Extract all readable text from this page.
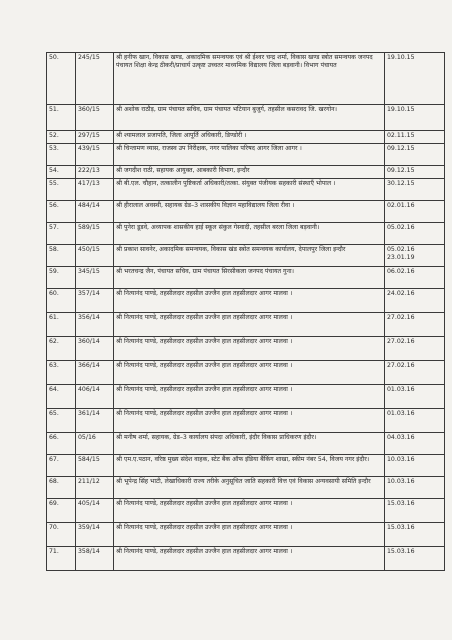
50.	245/15	श्री हनीफ खान, विकास खण्ड, अकादमिक समन्वयक एवं श्री ईश्वर चन्द्र शर्मा, विकास खण्ड स्त्रोत समन्वयक जनपद पंचायत शिक्षा केन्द्र ठीकरी/प्राचार्य उत्कृष्ट उच्चतर माध्यमिक विद्यालय जिला बड़वानी। विभाग पंचायत	19.10.15

51.	360/15	श्री अशोक राठौड़, ग्राम पंचायत सचिव, ग्राम पंचायत भटियान बुजुर्ग, तहसील कसरावद जि. खरगोन।	19.10.15

52.	297/15	श्री श्यामलाल प्रजापति, जिला आपूर्ति अधिकारी, डिण्डोरी ।	02.11.15

53.	439/15	श्री चिन्तामण व्यास, राजस्व उप निरीक्षक, नगर पालिका परिषद आगर जिला आगर ।	09.12.15

54.	222/13	श्री जगदीश राठी, सहायक आयुक्त, आबकारी विभाग, इन्दौर	09.12.15

55.	417/13	श्री बी.एल. चौहान, तत्कालीन पुष्टिकर्ता अधिकारी/तत्का. संयुक्त पंजीयक सहकारी संस्थाएँ भोपाल ।	30.12.15

56.	484/14	श्री हीरालाल अवस्थी, सहायक ग्रेड–3 शासकीय विज्ञान महाविद्यालय जिला रीवा ।	02.01.16

57.	589/15	श्री पुनेरा डूडवे, अध्यापक शासकीय हाई स्कूल संकुल गेस्वादी, तहसील बरला जिला बड़वानी।	05.02.16

58.	450/15	श्री प्रकाश सावनेर, अकादमिक समन्वयक, विकास खंड स्त्रोत समन्वयक कार्यालय, देपालपुर जिला इन्दौर	05.02.16
23.01.19

59.	345/15	श्री भरतचन्द्र जैन, पंचायत सचिव, ग्राम पंचायत सिरसीकला जनपद पंचायत गुना।	06.02.16

60.	357/14	श्री नित्यानंद पाण्डे, तहसीलदार तहसील उज्जैन हाल तहसीलदार आगर मालवा ।	24.02.16

61.	356/14	श्री नित्यानंद पाण्डे, तहसीलदार तहसील उज्जैन हाल तहसीलदार आगर मालवा ।	27.02.16

62.	360/14	श्री नित्यानंद पाण्डे, तहसीलदार तहसील उज्जैन हाल तहसीलदार आगर मालवा ।	27.02.16

63.	366/14	श्री नित्यानंद पाण्डे, तहसीलदार तहसील उज्जैन हाल तहसीलदार आगर मालवा ।	27.02.16

64.	406/14	श्री नित्यानंद पाण्डे, तहसीलदार तहसील उज्जैन हाल तहसीलदार आगर मालवा ।	01.03.16

65.	361/14	श्री नित्यानंद पाण्डे, तहसीलदार तहसील उज्जैन हाल तहसीलदार आगर मालवा ।	01.03.16

66.	05/16	श्री मनीष शर्मा, सहायक, ग्रेड–3 कार्यालय संपदा अधिकारी, इंदौर विकास प्राधिकरण इंदौर।	04.03.16

67.	584/15	श्री एम.ए.पठान, वरिष्ठ मुख्य संदेश वाहक, स्टेट बैंक ऑफ इंडिया बैंकिंग शाखा, स्कीम नंबर 54, विजय नगर इंदौर।	10.03.16

68.	211/12	श्री भूपेन्द्र सिंह भाटी, लेखाधिकारी राज्य तरीके अनुसूचित जाति सहकारी वित्त एवं विकास अन्यवसायी समिति इन्दौर	10.03.16

69.	405/14	श्री नित्यानंद पाण्डे, तहसीलदार तहसील उज्जैन हाल तहसीलदार आगर मालवा ।	15.03.16

70.	359/14	श्री नित्यानंद पाण्डे, तहसीलदार तहसील उज्जैन हाल तहसीलदार आगर मालवा ।	15.03.16

71.	358/14	श्री नित्यानंद पाण्डे, तहसीलदार तहसील उज्जैन हाल तहसीलदार आगर मालवा ।	15.03.16
